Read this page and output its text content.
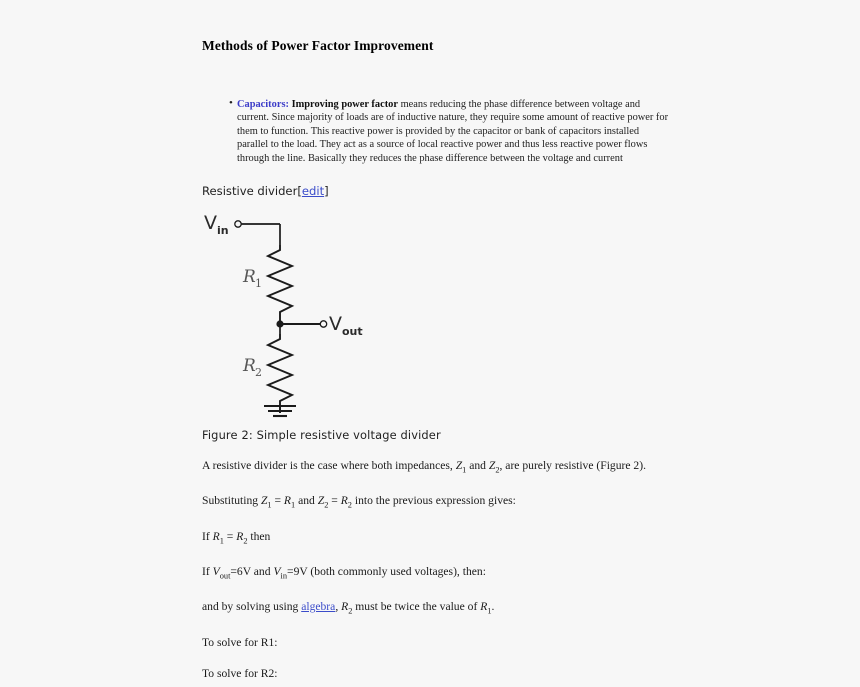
Methods of Power Factor Improvement
• Capacitors: Improving power factor means reducing the phase difference between voltage and current. Since majority of loads are of inductive nature, they require some amount of reactive power for them to function. This reactive power is provided by the capacitor or bank of capacitors installed parallel to the load. They act as a source of local reactive power and thus less reactive power flows through the line. Basically they reduces the phase difference between the voltage and current
Resistive divider[edit]
V in
R 1
V out
R 2

Figure 2: Simple resistive voltage divider

A resistive divider is the case where both impedances, $Z_1$ and $Z_2$, are purely resistive (Figure 2).

Substituting $Z_1 = R_1$ and $Z_2 = R_2$ into the previous expression gives:

If $R_1 = R_2$ then

If $V_{out}=6V$ and $V_{in}=9V$ (both commonly used voltages), then:

and by solving using algebra, $R_2$ must be twice the value of $R_1$.

To solve for R1:

To solve for R2:
